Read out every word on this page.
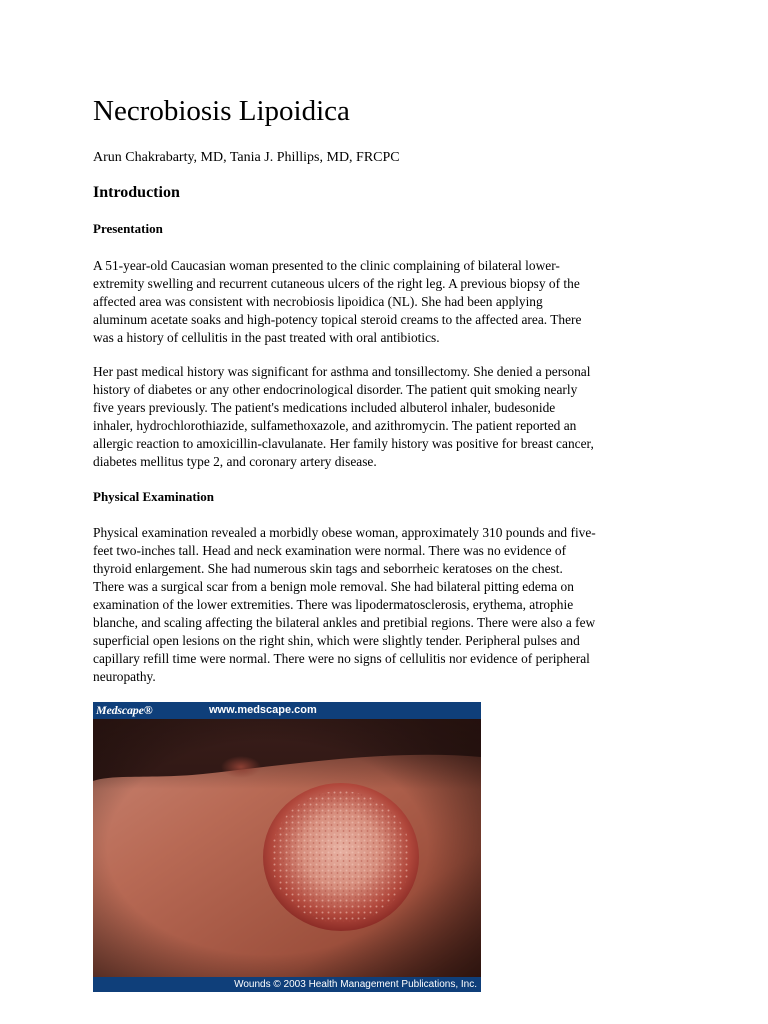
Necrobiosis Lipoidica

Arun Chakrabarty, MD, Tania J. Phillips, MD, FRCPC

Introduction
Presentation

A 51-year-old Caucasian woman presented to the clinic complaining of bilateral lower-
extremity swelling and recurrent cutaneous ulcers of the right leg. A previous biopsy of the
affected area was consistent with necrobiosis lipoidica (NL). She had been applying
aluminum acetate soaks and high-potency topical steroid creams to the affected area. There
was a history of cellulitis in the past treated with oral antibiotics.

Her past medical history was significant for asthma and tonsillectomy. She denied a personal
history of diabetes or any other endocrinological disorder. The patient quit smoking nearly
five years previously. The patient's medications included albuterol inhaler, budesonide
inhaler, hydrochlorothiazide, sulfamethoxazole, and azithromycin. The patient reported an
allergic reaction to amoxicillin-clavulanate. Her family history was positive for breast cancer,
diabetes mellitus type 2, and coronary artery disease.

Physical Examination

Physical examination revealed a morbidly obese woman, approximately 310 pounds and five-
feet two-inches tall. Head and neck examination were normal. There was no evidence of
thyroid enlargement. She had numerous skin tags and seborrheic keratoses on the chest.
There was a surgical scar from a benign mole removal. She had bilateral pitting edema on
examination of the lower extremities. There was lipodermatosclerosis, erythema, atrophie
blanche, and scaling affecting the bilateral ankles and pretibial regions. There were also a few
superficial open lesions on the right shin, which were slightly tender. Peripheral pulses and
capillary refill time were normal. There were no signs of cellulitis nor evidence of peripheral
neuropathy.

Medscape®	www.medscape.com
Wounds © 2003 Health Management Publications, Inc.
